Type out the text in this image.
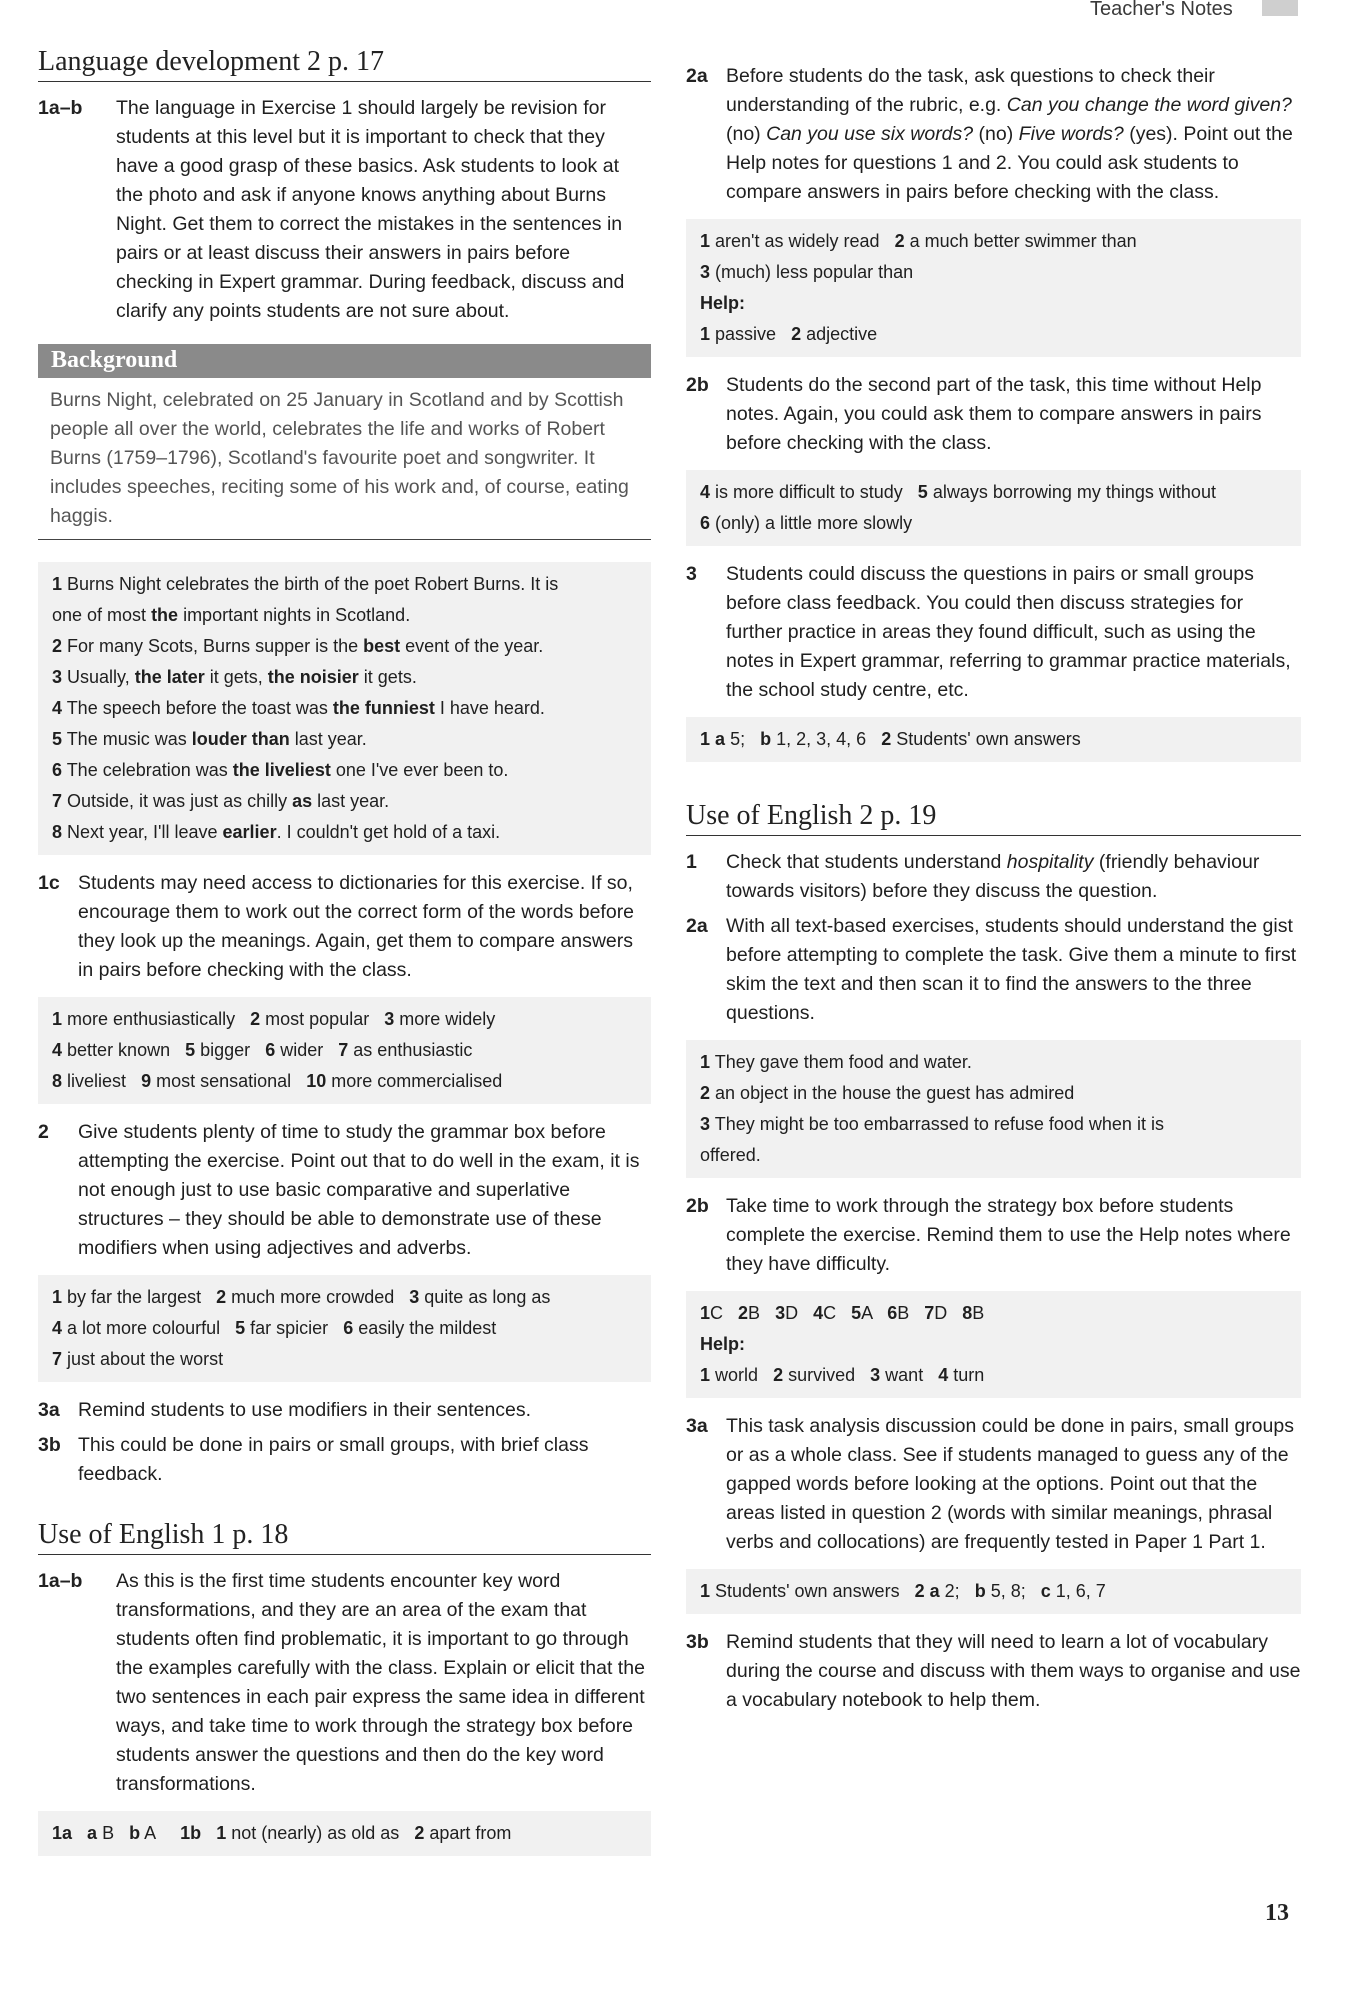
Teacher's Notes
Language development 2 p. 17
1a–b	The language in Exercise 1 should largely be revision for students at this level but it is important to check that they have a good grasp of these basics. Ask students to look at the photo and ask if anyone knows anything about Burns Night. Get them to correct the mistakes in the sentences in pairs or at least discuss their answers in pairs before checking in Expert grammar. During feedback, discuss and clarify any points students are not sure about.
Background
Burns Night, celebrated on 25 January in Scotland and by Scottish people all over the world, celebrates the life and works of Robert Burns (1759–1796), Scotland's favourite poet and songwriter. It includes speeches, reciting some of his work and, of course, eating haggis.
1 Burns Night celebrates the birth of the poet Robert Burns. It is
one of most the important nights in Scotland.
2 For many Scots, Burns supper is the best event of the year.
3 Usually, the later it gets, the noisier it gets.
4 The speech before the toast was the funniest I have heard.
5 The music was louder than last year.
6 The celebration was the liveliest one I've ever been to.
7 Outside, it was just as chilly as last year.
8 Next year, I'll leave earlier. I couldn't get hold of a taxi.
1c Students may need access to dictionaries for this exercise. If so, encourage them to work out the correct form of the words before they look up the meanings. Again, get them to compare answers in pairs before checking with the class.
1 more enthusiastically 2 most popular 3 more widely
4 better known 5 bigger 6 wider 7 as enthusiastic
8 liveliest 9 most sensational 10 more commercialised
2	Give students plenty of time to study the grammar box before attempting the exercise. Point out that to do well in the exam, it is not enough just to use basic comparative and superlative structures – they should be able to demonstrate use of these modifiers when using adjectives and adverbs.
1 by far the largest 2 much more crowded 3 quite as long as
4 a lot more colourful 5 far spicier 6 easily the mildest
7 just about the worst
3a Remind students to use modifiers in their sentences.
3b This could be done in pairs or small groups, with brief class feedback.
Use of English 1 p. 18
1a–b	As this is the first time students encounter key word transformations, and they are an area of the exam that students often find problematic, it is important to go through the examples carefully with the class. Explain or elicit that the two sentences in each pair express the same idea in different ways, and take time to work through the strategy box before students answer the questions and then do the key word transformations.
1a a B b A 1b 1 not (nearly) as old as 2 apart from
2a Before students do the task, ask questions to check their understanding of the rubric, e.g. Can you change the word given? (no) Can you use six words? (no) Five words? (yes). Point out the Help notes for questions 1 and 2. You could ask students to compare answers in pairs before checking with the class.
1 aren't as widely read 2 a much better swimmer than
3 (much) less popular than
Help:
1 passive 2 adjective
2b Students do the second part of the task, this time without Help notes. Again, you could ask them to compare answers in pairs before checking with the class.
4 is more difficult to study 5 always borrowing my things without
6 (only) a little more slowly
3	Students could discuss the questions in pairs or small groups before class feedback. You could then discuss strategies for further practice in areas they found difficult, such as using the notes in Expert grammar, referring to grammar practice materials, the school study centre, etc.
1 a 5; b 1, 2, 3, 4, 6 2 Students' own answers
Use of English 2 p. 19
1	Check that students understand hospitality (friendly behaviour towards visitors) before they discuss the question.
2a With all text-based exercises, students should understand the gist before attempting to complete the task. Give them a minute to first skim the text and then scan it to find the answers to the three questions.
1 They gave them food and water.
2 an object in the house the guest has admired
3 They might be too embarrassed to refuse food when it is
offered.
2b Take time to work through the strategy box before students complete the exercise. Remind them to use the Help notes where they have difficulty.
1C 2B 3D 4C 5A 6B 7D 8B
Help:
1 world 2 survived 3 want 4 turn
3a This task analysis discussion could be done in pairs, small groups or as a whole class. See if students managed to guess any of the gapped words before looking at the options. Point out that the areas listed in question 2 (words with similar meanings, phrasal verbs and collocations) are frequently tested in Paper 1 Part 1.
1 Students' own answers 2 a 2; b 5, 8; c 1, 6, 7
3b Remind students that they will need to learn a lot of vocabulary during the course and discuss with them ways to organise and use a vocabulary notebook to help them.
13
